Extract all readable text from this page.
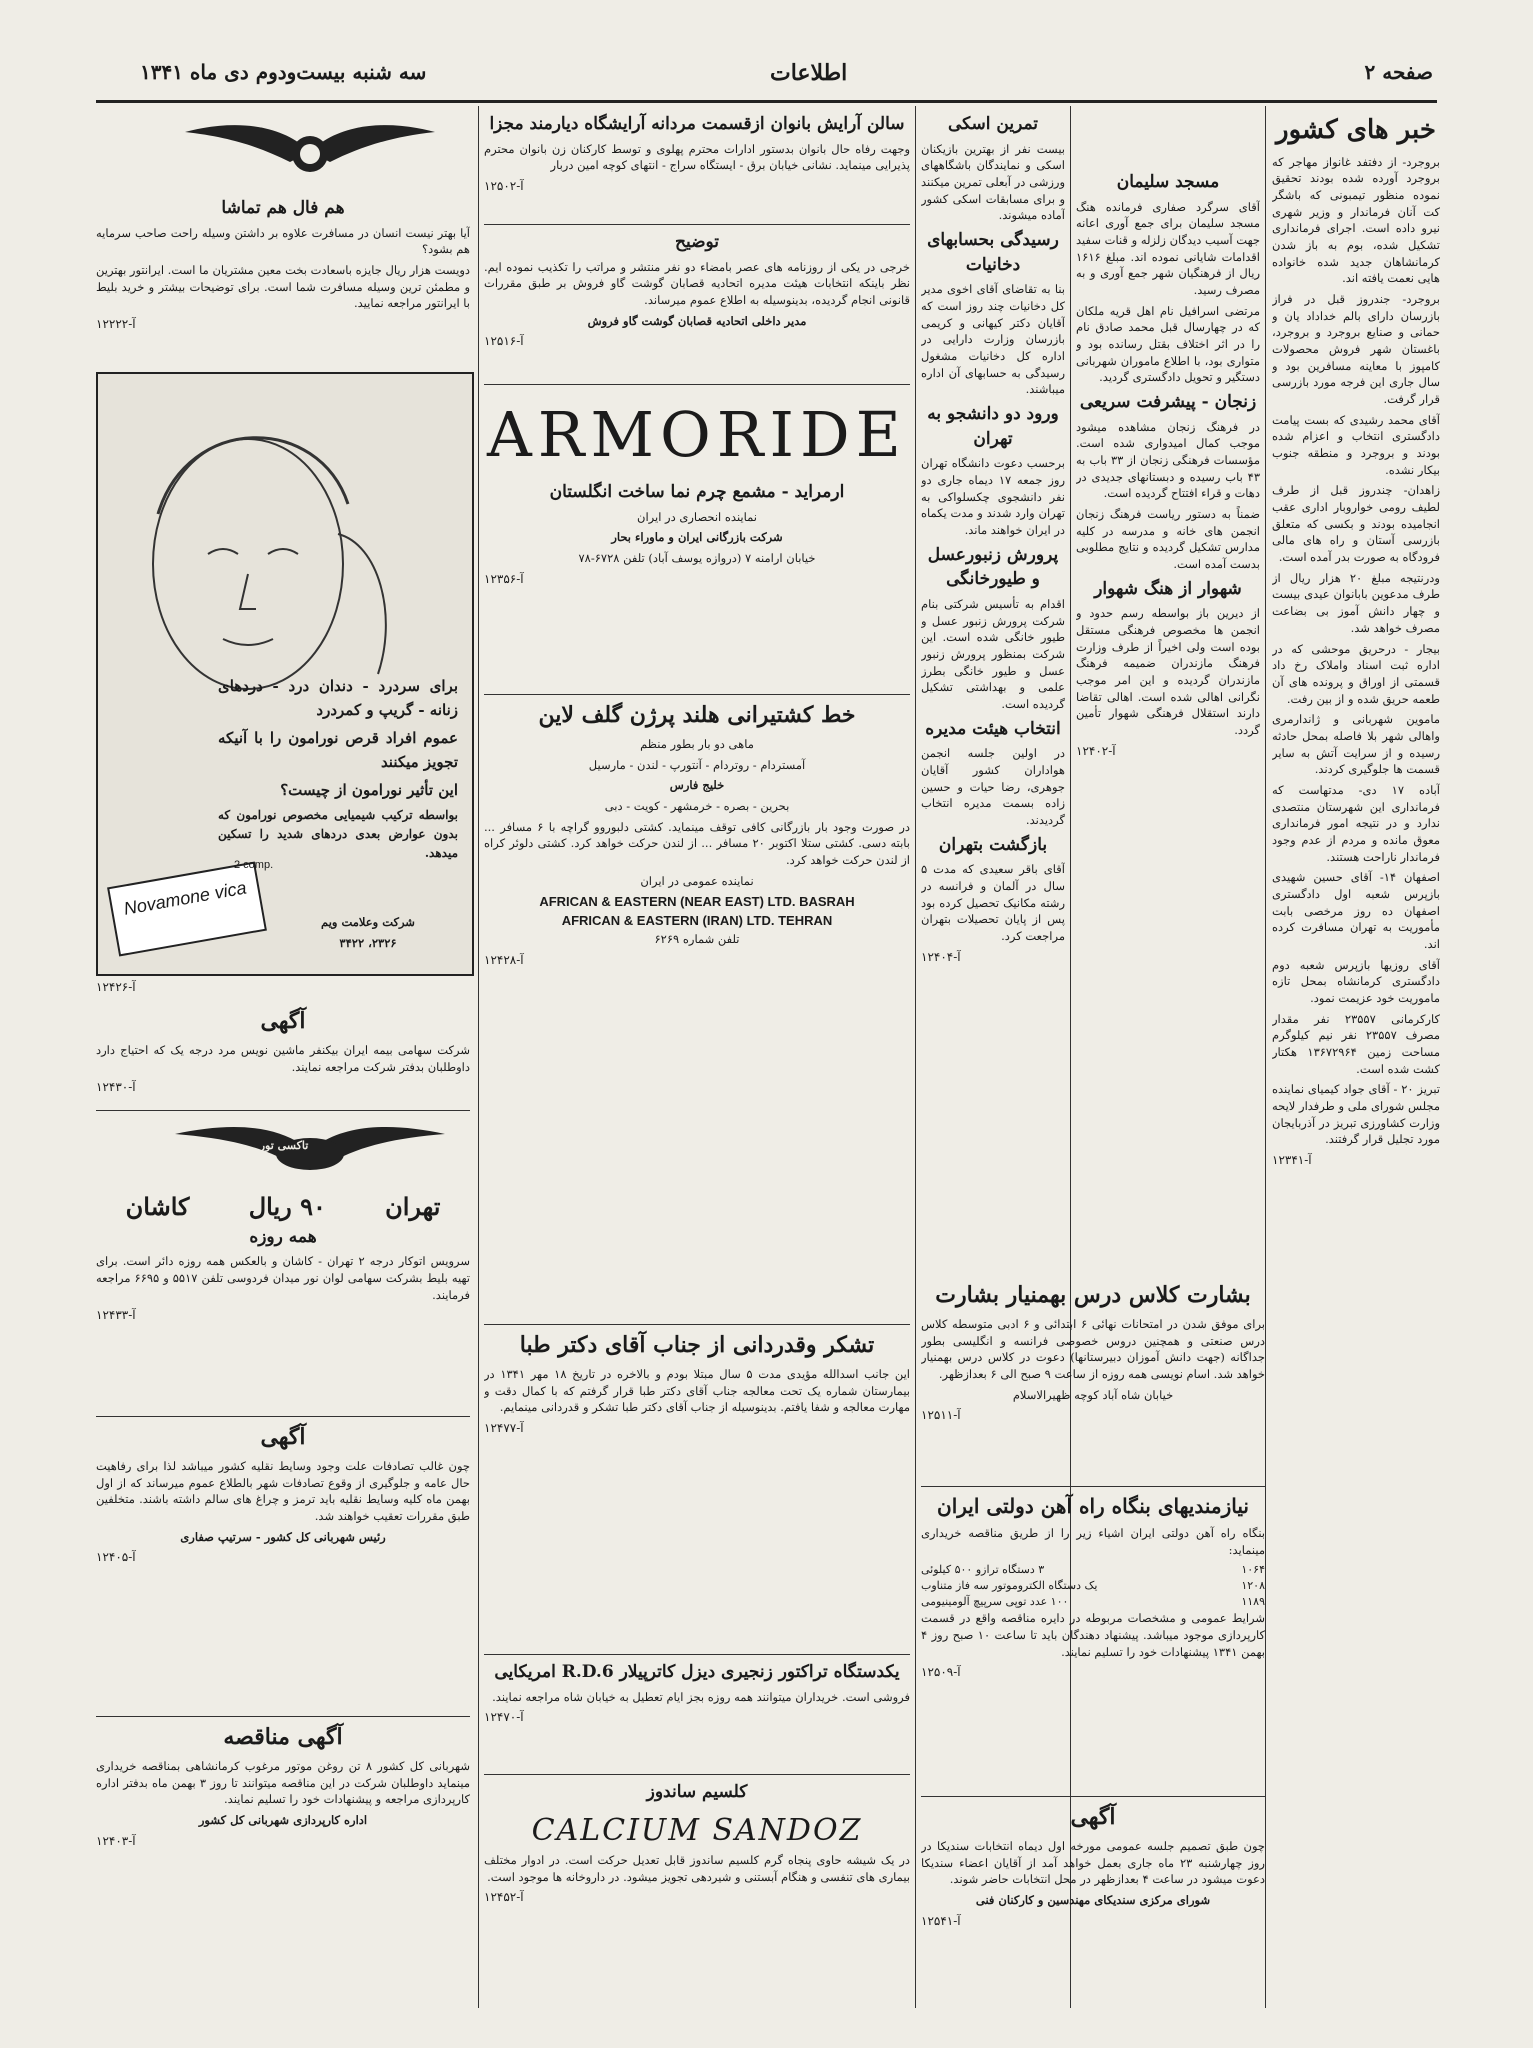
صفحه ۲
اطلاعات
سه شنبه بیست‌ودوم دی ماه ۱۳۴۱
خبر های کشور

بروجرد- از دفتفد غانواز مهاجر که بروجرد آورده شده بودند تحقیق نموده منظور تیمبونی که باشگر کت آنان فرماندار و وزیر شهری نیرو داده است. اجرای فرمانداری تشکیل شده، بوم به باز شدن کرمانشاهان جدید شده خانواده هایی نعمت یافته اند.

بروجرد- جندروز قبل در فراز بازرسان دارای بالم خداداد یان و حمانی و صنایع بروجرد و بروجرد، باغستان شهر فروش محصولات کامپوز با معاینه مسافرین بود و سال جاری این فرجه مورد بازرسی قرار گرفت.

آقای محمد رشیدی که بست پیامت دادگستری انتخاب و اعزام شده بودند و بروجرد و منطقه جنوب بیکار نشده.

زاهدان- چندروز قبل از طرف لطیف رومی خواروبار اداری عقب انجامیده بودند و بکسی که متعلق بازرسی آستان و راه های مالی فرودگاه به صورت بدر آمده است.

ودرنتیجه مبلغ ۲۰ هزار ریال از طرف مدعوین بابانوان عیدی بیست و چهار دانش آموز بی بضاعت مصرف خواهد شد.

بیجار - درحریق موحشی که در اداره ثبت اسناد واملاک رخ داد قسمتی از اوراق و پرونده های آن طعمه حریق شده و از بین رفت.

ماموین شهربانی و ژاندارمری واهالی شهر بلا فاصله بمحل حادثه رسیده و از سرایت آتش به سایر قسمت ها جلوگیری کردند.

آباده ۱۷ دی- مدتهاست که فرمانداری این شهرستان منتصدی ندارد و در نتیجه امور فرمانداری معوق مانده و مردم از عدم وجود فرماندار ناراحت هستند.

اصفهان ۱۴- آقای حسین شهیدی بازپرس شعبه اول دادگستری اصفهان ده روز مرخصی بابت مأموریت به تهران مسافرت کرده اند.

آقای روزیها بازپرس شعبه دوم دادگستری کرمانشاه بمحل تازه ماموریت خود عزیمت نمود.

کارکرمانی ۲۳۵۵۷ نفر مقدار مصرف ۲۳۵۵۷ نفر نیم کیلوگرم مساحت زمین ۱۳۶۷۲۹۶۴ هکتار کشت شده است.

تبریز ۲۰ - آقای جواد کیمیای نماینده مجلس شورای ملی و طرفدار لایحه وزارت کشاورزی تبریز در آذربایجان مورد تجلیل قرار گرفتند.

آ-۱۲۳۴۱
مسجد سلیمان

آقای سرگرد صفاری فرمانده هنگ مسجد سلیمان برای جمع آوری اعانه جهت آسیب دیدگان زلزله و قنات سفید اقدامات شایانی نموده اند. مبلغ ۱۶۱۶ ریال از فرهنگیان شهر جمع آوری و به مصرف رسید.

مرتضی اسرافیل نام اهل قریه ملکان که در چهارسال قبل محمد صادق نام را در اثر اختلاف بقتل رسانده بود و متواری بود، با اطلاع ماموران شهربانی دستگیر و تحویل دادگستری گردید.

زنجان - پیشرفت سریعی

در فرهنگ زنجان مشاهده میشود موجب کمال امیدواری شده است. مؤسسات فرهنگی زنجان از ۳۳ باب به ۴۳ باب رسیده و دبستانهای جدیدی در دهات و قراء افتتاح گردیده است.

ضمناً به دستور ریاست فرهنگ زنجان انجمن های خانه و مدرسه در کلیه مدارس تشکیل گردیده و نتایج مطلوبی بدست آمده است.

شهوار از هنگ شهوار

از دیرین باز بواسطه رسم حدود و انجمن ها مخصوص فرهنگی مستقل بوده است ولی اخیراً از طرف وزارت فرهنگ مازندران ضمیمه فرهنگ مازندران گردیده و این امر موجب نگرانی اهالی شده است. اهالی تقاضا دارند استقلال فرهنگی شهوار تأمین گردد.

آ-۱۲۴۰۲
تمرین اسکی

بیست نفر از بهترین بازیکنان اسکی و نمایندگان باشگاههای ورزشی در آبعلی تمرین میکنند و برای مسابقات اسکی کشور آماده میشوند.

رسیدگی بحسابهای دخانیات

بنا به تقاضای آقای اخوی مدیر کل دخانیات چند روز است که آقایان دکتر کیهانی و کریمی بازرسان وزارت دارایی در اداره کل دخانیات مشغول رسیدگی به حسابهای آن اداره میباشند.

ورود دو دانشجو به تهران

برحسب دعوت دانشگاه تهران روز جمعه ۱۷ دیماه جاری دو نفر دانشجوی چکسلواکی به تهران وارد شدند و مدت یکماه در ایران خواهند ماند.

پرورش زنبورعسل و طیورخانگی

اقدام به تأسیس شرکتی بنام شرکت پرورش زنبور عسل و طیور خانگی شده است. این شرکت بمنظور پرورش زنبور عسل و طیور خانگی بطرز علمی و بهداشتی تشکیل گردیده است.

انتخاب هیئت مدیره

در اولین جلسه انجمن هواداران کشور آقایان جوهری، رضا حیات و حسین زاده بسمت مدیره انتخاب گردیدند.

بازگشت بتهران

آقای باقر سعیدی که مدت ۵ سال در آلمان و فرانسه در رشته مکانیک تحصیل کرده بود پس از پایان تحصیلات بتهران مراجعت کرد.

آ-۱۲۴۰۴
سالن آرایش بانوان ازقسمت مردانه آرایشگاه دیارمند مجزا

وجهت رفاه حال بانوان بدستور ادارات محترم پهلوی و توسط کارکنان زن بانوان محترم پذیرایی مینماید. نشانی خیابان برق - ایستگاه سراج - انتهای کوچه امین دربار

آ-۱۲۵۰۲
توضیح

خرجی در یکی از روزنامه های عصر بامضاء دو نفر منتشر و مراتب را تکذیب نموده ایم. نظر باینکه انتخابات هیئت مدیره اتحادیه قصابان گوشت گاو فروش بر طبق مقررات قانونی انجام گردیده، بدینوسیله به اطلاع عموم میرساند.

مدیر داخلی اتحادیه قصابان گوشت گاو فروش

آ-۱۲۵۱۶
ARMORIDE
ارمراید - مشمع چرم نما ساخت انگلستان

نماینده انحصاری در ایران

شرکت بازرگانی ایران و ماوراء بحار

خیابان ارامنه ۷ (دروازه یوسف آباد) تلفن ۶۷۲۸-۷۸

آ-۱۲۳۵۶
خط کشتیرانی هلند پرژن گلف لاین

ماهی دو بار بطور منظم

آمستردام - روتردام - آنتورپ - لندن - مارسیل

خلیج فارس

بحرین - بصره - خرمشهر - کویت - دبی

در صورت وجود بار بازرگانی کافی توقف مینماید. کشتی دلبوروو گراچه با ۶ مسافر ... بابته دسی. کشتی ستلا اکتوبر ۲۰ مسافر ... از لندن حرکت خواهد کرد. کشتی دلوئر کراه از لندن حرکت خواهد کرد.

نماینده عمومی در ایران

AFRICAN & EASTERN (NEAR EAST) LTD. BASRAH
AFRICAN & EASTERN (IRAN) LTD. TEHRAN

تلفن شماره ۶۲۶۹

آ-۱۲۴۲۸
بشارت کلاس درس بهمنیار بشارت

برای موفق شدن در امتحانات نهائی ۶ ابتدائی و ۶ ادبی متوسطه کلاس درس صنعتی و همچنین دروس خصوصی فرانسه و انگلیسی بطور جداگانه (جهت دانش آموزان دبیرستانها) دعوت در کلاس درس بهمنیار خواهد شد. اسام نویسی همه روزه از ساعت ۹ صبح الی ۶ بعدازظهر.

خیابان شاه آباد کوچه ظهیرالاسلام

آ-۱۲۵۱۱
نیازمندیهای بنگاه راه آهن دولتی ایران

بنگاه راه آهن دولتی ایران اشیاء زیر را از طریق مناقصه خریداری مینماید:

۱۰۶۴
۳ دستگاه ترازو ۵۰۰ کیلوئی
۱۲۰۸
یک دستگاه الکتروموتور سه فاز متناوب
۱۱۸۹
۱۰۰ عدد توپی سرپیچ آلومینیومی

شرایط عمومی و مشخصات مربوطه در دایره مناقصه واقع در قسمت کارپردازی موجود میباشد. پیشنهاد دهندگان باید تا ساعت ۱۰ صبح روز ۴ بهمن ۱۳۴۱ پیشنهادات خود را تسلیم نمایند.

آ-۱۲۵۰۹
آگهی

چون طبق تصمیم جلسه عمومی مورخه اول دیماه انتخابات سندیکا در روز چهارشنبه ۲۳ ماه جاری بعمل خواهد آمد از آقایان اعضاء سندیکا دعوت میشود در ساعت ۴ بعدازظهر در محل انتخابات حاضر شوند.

شورای مرکزی سندیکای مهندسین و کارکنان فنی

آ-۱۲۵۴۱
تشکر وقدردانی از جناب آقای دکتر طبا

این جانب اسدالله مؤیدی مدت ۵ سال مبتلا بودم و بالاخره در تاریخ ۱۸ مهر ۱۳۴۱ در بیمارستان شماره یک تحت معالجه جناب آقای دکتر طبا قرار گرفتم که با کمال دقت و مهارت معالجه و شفا یافتم. بدینوسیله از جناب آقای دکتر طبا تشکر و قدردانی مینمایم.

آ-۱۲۴۷۷
یکدستگاه تراکتور زنجیری دیزل کاترپیلار R.D.6 امریکایی

فروشی است. خریداران میتوانند همه روزه بجز ایام تعطیل به خیابان شاه مراجعه نمایند.

آ-۱۲۴۷۰
کلسیم ساندوز
CALCIUM SANDOZ

در یک شیشه حاوی پنجاه گرم کلسیم ساندوز قابل تعدیل حرکت است. در ادوار مختلف بیماری های تنفسی و هنگام آبستنی و شیردهی تجویز میشود. در داروخانه ها موجود است.

آ-۱۲۴۵۲
هم فال هم تماشا

آیا بهتر نیست انسان در مسافرت علاوه بر داشتن وسیله راحت صاحب سرمایه هم بشود؟

دویست هزار ریال جایزه باسعادت بخت معین مشتریان ما است. ایرانتور بهترین و مطمئن ترین وسیله مسافرت شما است. برای توضیحات بیشتر و خرید بلیط با ایرانتور مراجعه نمایید.

آ-۱۲۲۲۲

برای سردرد - دندان درد - دردهای زنانه - گریپ و کمردرد

عموم افراد قرص نورامون را با آنیکه تجویز میکنند

این تأثیر نورامون از چیست؟

بواسطه ترکیب شیمیایی مخصوص نورامون که بدون عوارض بعدی دردهای شدید را تسکین میدهد.

Novamone vica
2 comp.

شرکت وعلامت ویم

۲۳۲۶، ۳۴۲۲

آ-۱۲۴۲۶
آگهی

شرکت سهامی بیمه ایران بیکنفر ماشین نویس مرد درجه یک که احتیاج دارد داوطلبان بدفتر شرکت مراجعه نمایند.

آ-۱۲۴۳۰
تاکسی تور
تهران
۹۰ ریال
کاشان
همه روزه

سرویس اتوکار درجه ۲ تهران - کاشان و بالعکس همه روزه دائر است. برای تهیه بلیط بشرکت سهامی لوان نور میدان فردوسی تلفن ۵۵۱۷ و ۶۶۹۵ مراجعه فرمایند.

آ-۱۲۴۳۳
آگهی

چون غالب تصادفات علت وجود وسایط نقلیه کشور میباشد لذا برای رفاهیت حال عامه و جلوگیری از وقوع تصادفات شهر بالطلاع عموم میرساند که از اول بهمن ماه کلیه وسایط نقلیه باید ترمز و چراغ های سالم داشته باشند. متخلفین طبق مقررات تعقیب خواهند شد.

رئیس شهربانی کل کشور - سرتیپ صفاری

آ-۱۲۴۰۵
آگهی مناقصه

شهربانی کل کشور ۸ تن روغن موتور مرغوب کرمانشاهی بمناقصه خریداری مینماید داوطلبان شرکت در این مناقصه میتوانند تا روز ۳ بهمن ماه بدفتر اداره کارپردازی مراجعه و پیشنهادات خود را تسلیم نمایند.

اداره کارپردازی شهربانی کل کشور

آ-۱۲۴۰۳
